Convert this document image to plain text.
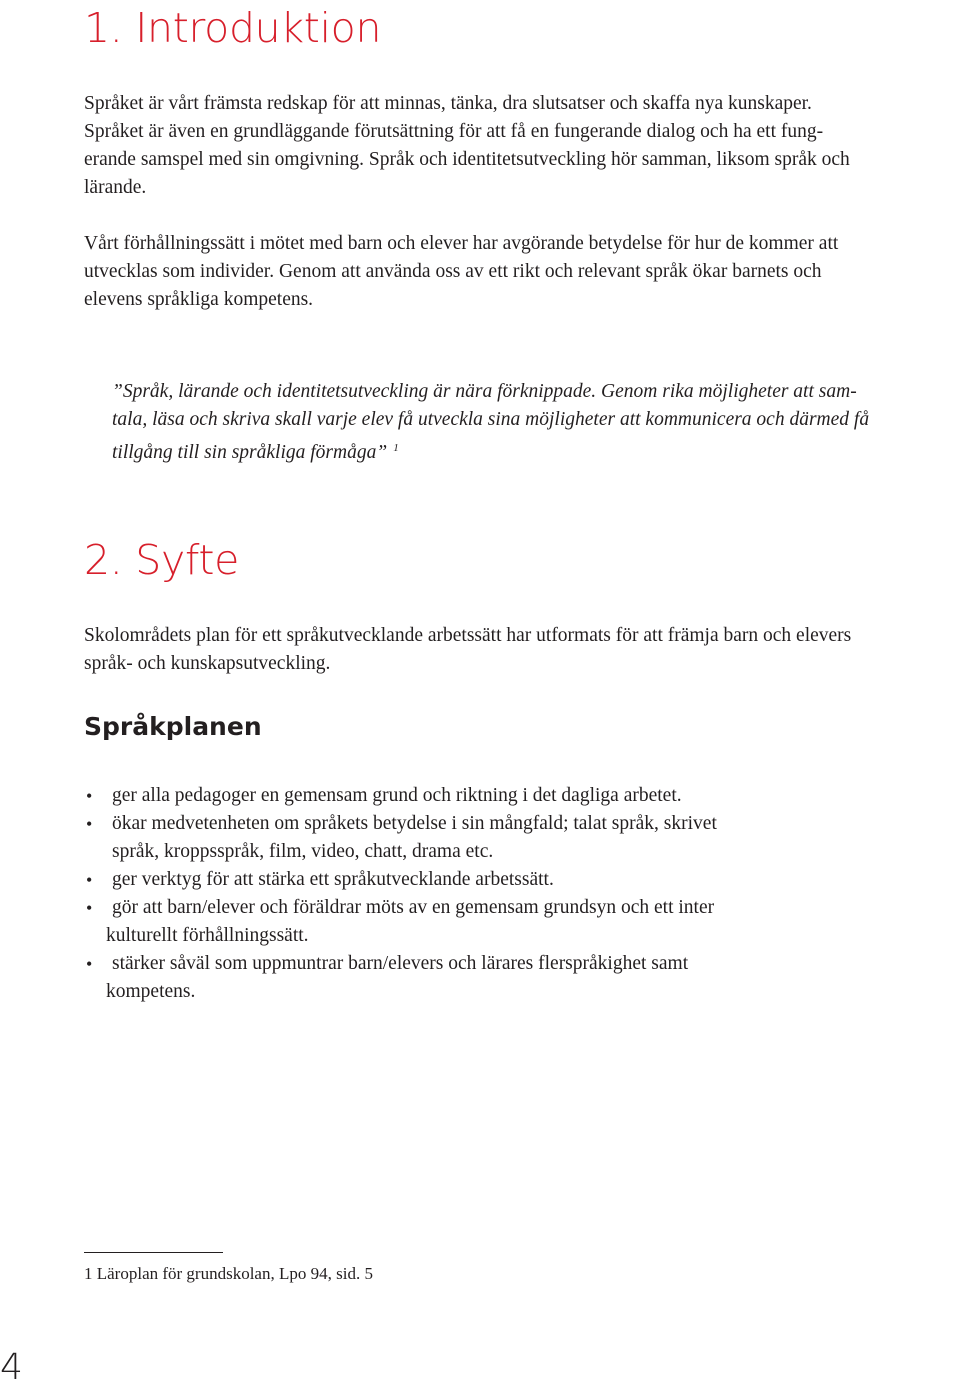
1. Introduktion

Språket är vårt främsta redskap för att minnas, tänka, dra slutsatser och skaffa nya kunskaper.
Språket är även en grundläggande förutsättning för att få en fungerande dialog och ha ett fung-
erande samspel med sin omgivning. Språk och identitetsutveckling hör samman, liksom språk och
lärande.

Vårt förhållningssätt i mötet med barn och elever har avgörande betydelse för hur de kommer att
utvecklas som individer. Genom att använda oss av ett rikt och relevant språk ökar barnets och
elevens språkliga kompetens.

”Språk, lärande och identitetsutveckling är nära förknippade. Genom rika möjligheter att sam-
tala, läsa och skriva skall varje elev få utveckla sina möjligheter att kommunicera och därmed få
tillgång till sin språkliga förmåga” $^1$
2. Syfte

Skolområdets plan för ett språkutvecklande arbetssätt har utformats för att främja barn och elevers
språk- och kunskapsutveckling.

Språkplanen
• ger alla pedagoger en gemensam grund och riktning i det dagliga arbetet.
• ökar medvetenheten om språkets betydelse i sin mångfald; talat språk, skrivet
språk, kroppsspråk, film, video, chatt, drama etc.
• ger verktyg för att stärka ett språkutvecklande arbetssätt.
• gör att barn/elever och föräldrar möts av en gemensam grundsyn och ett inter
kulturellt förhållningssätt.
• stärker såväl som uppmuntrar barn/elevers och lärares flerspråkighet samt
kompetens.

1 Läroplan för grundskolan, Lpo 94, sid. 5

4
